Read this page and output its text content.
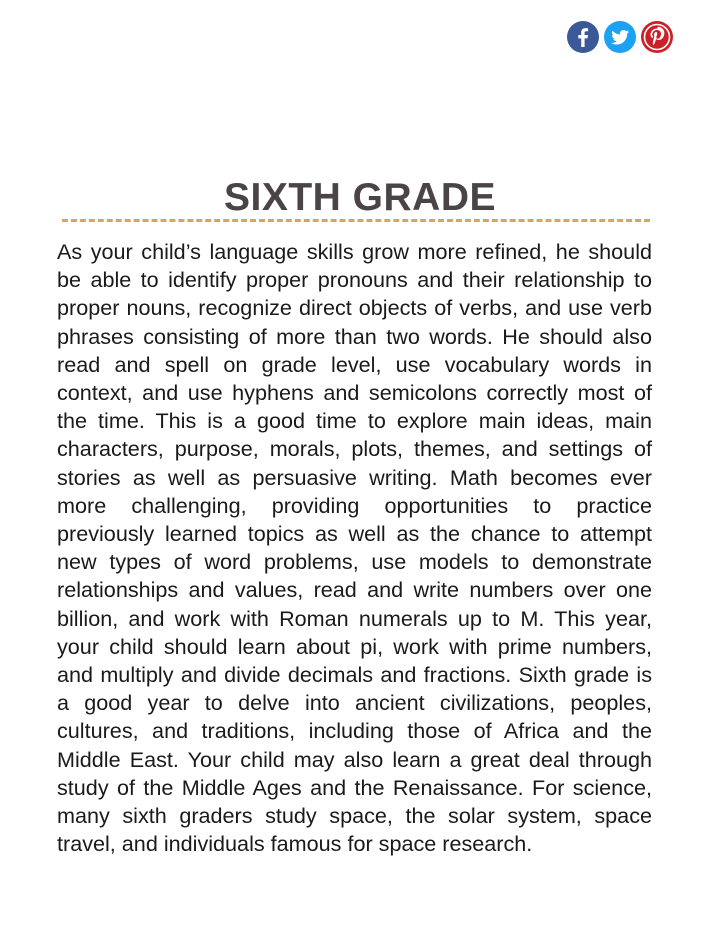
SIXTH GRADE

As your child’s language skills grow more refined, he should be able to identify proper pronouns and their relationship to proper nouns, recognize direct objects of verbs, and use verb phrases consisting of more than two words. He should also read and spell on grade level, use vocabulary words in context, and use hyphens and semicolons correctly most of the time. This is a good time to explore main ideas, main characters, purpose, morals, plots, themes, and settings of stories as well as persuasive writing. Math becomes ever more challenging, providing opportunities to practice previously learned topics as well as the chance to attempt new types of word problems, use models to demonstrate relationships and values, read and write numbers over one billion, and work with Roman numerals up to M. This year, your child should learn about pi, work with prime numbers, and multiply and divide decimals and fractions. Sixth grade is a good year to delve into ancient civilizations, peoples, cultures, and traditions, including those of Africa and the Middle East. Your child may also learn a great deal through study of the Middle Ages and the Renaissance. For science, many sixth graders study space, the solar system, space travel, and individuals famous for space research.
